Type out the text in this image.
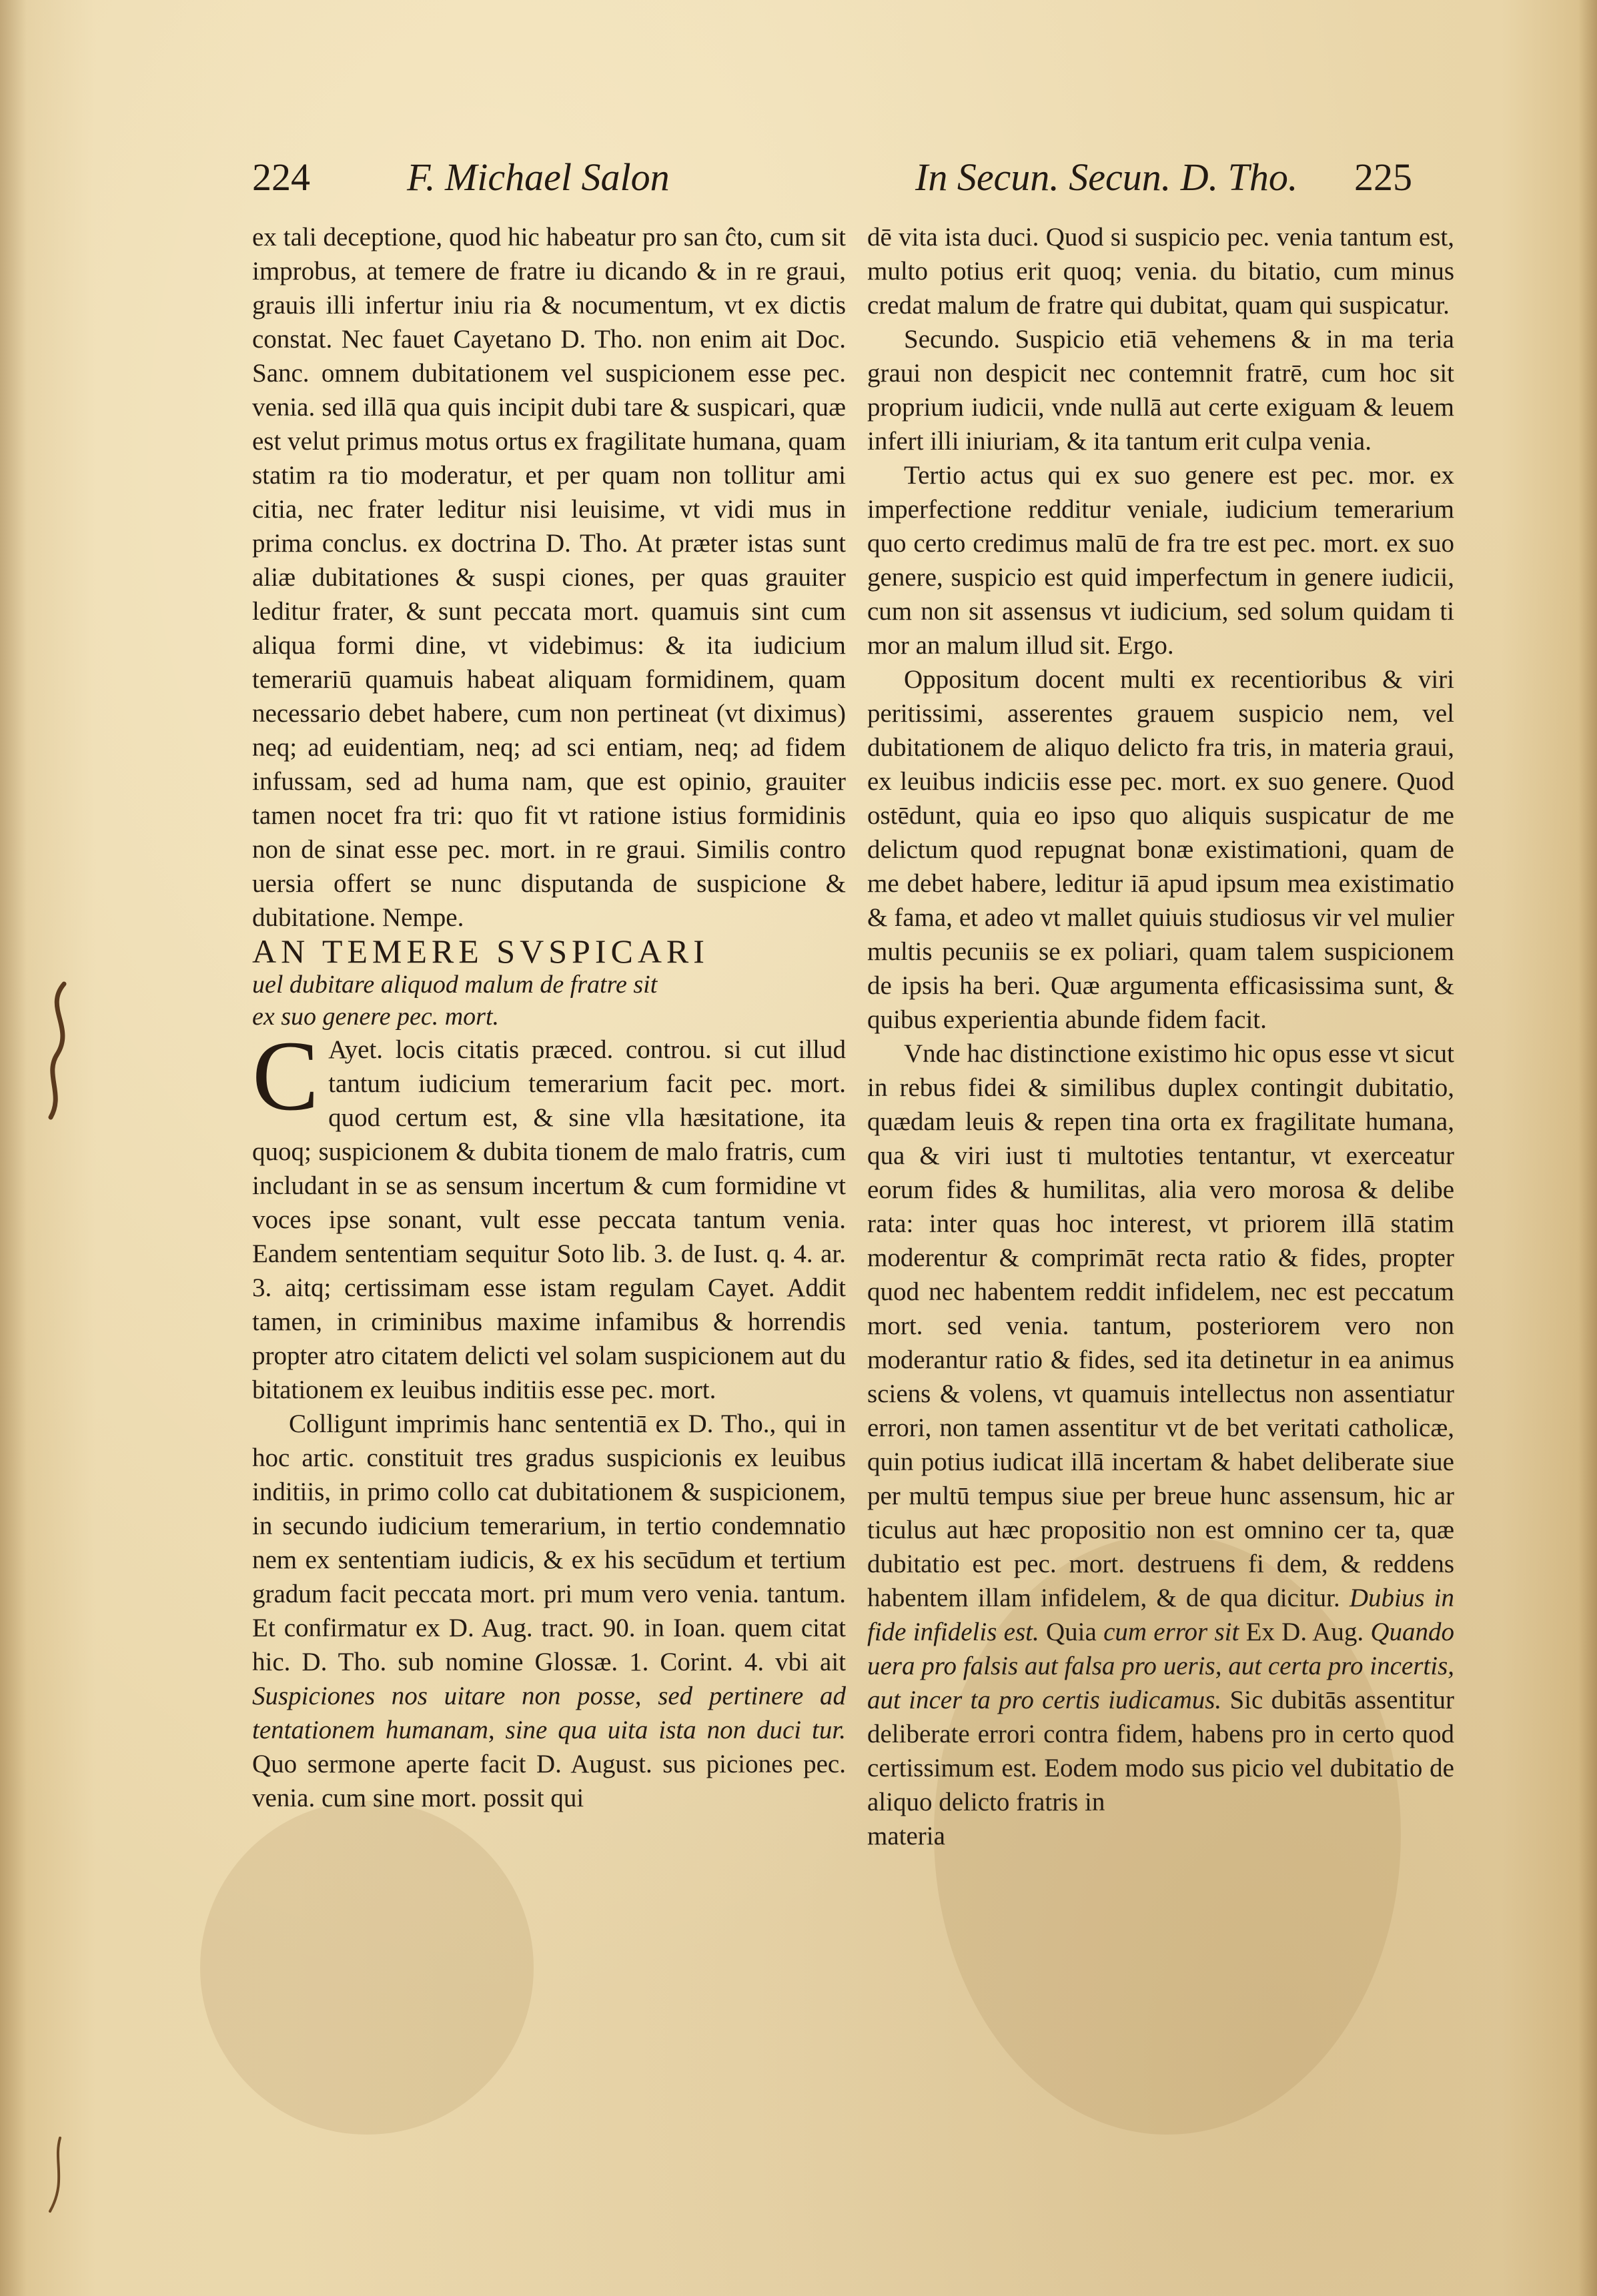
224	F. Michael Salon	In Secun. Secun. D. Tho. 225

ex tali deceptione, quod hic habeatur pro san ĉto, cum sit improbus, at temere de fratre iu dicando & in re graui, grauis illi infertur iniu ria & nocumentum, vt ex dictis constat. Nec fauet Cayetano D. Tho. non enim ait Doc. Sanc. omnem dubitationem vel suspicionem esse pec. venia. sed illā qua quis incipit dubi tare & suspicari, quæ est velut primus motus ortus ex fragilitate humana, quam statim ra tio moderatur, et per quam non tollitur ami citia, nec frater leditur nisi leuisime, vt vidi mus in prima conclus. ex doctrina D. Tho. At præter istas sunt aliæ dubitationes & suspi ciones, per quas grauiter leditur frater, & sunt peccata mort. quamuis sint cum aliqua formi dine, vt videbimus: & ita iudicium temerariū quamuis habeat aliquam formidinem, quam necessario debet habere, cum non pertineat (vt diximus) neq; ad euidentiam, neq; ad sci entiam, neq; ad fidem infussam, sed ad huma nam, que est opinio, grauiter tamen nocet fra tri: quo fit vt ratione istius formidinis non de sinat esse pec. mort. in re graui. Similis contro uersia offert se nunc disputanda de suspicione & dubitatione. Nempe.

AN TEMERE SVSPICARI

uel dubitare aliquod malum de fratre sit

ex suo genere pec. mort.

C Ayet. locis citatis præced. controu. si cut illud tantum iudicium temerarium facit pec. mort. quod certum est, & sine vlla hæsitatione, ita quoq; suspicionem & dubita tionem de malo fratris, cum includant in se as sensum incertum & cum formidine vt voces ipse sonant, vult esse peccata tantum venia. Eandem sententiam sequitur Soto lib. 3. de Iust. q. 4. ar. 3. aitq; certissimam esse istam regulam Cayet. Addit tamen, in criminibus maxime infamibus & horrendis propter atro citatem delicti vel solam suspicionem aut du bitationem ex leuibus inditiis esse pec. mort.

Colligunt imprimis hanc sententiā ex D. Tho., qui in hoc artic. constituit tres gradus suspicionis ex leuibus inditiis, in primo collo cat dubitationem & suspicionem, in secundo iudicium temerarium, in tertio condemnatio nem ex sententiam iudicis, & ex his secūdum et tertium gradum facit peccata mort. pri mum vero venia. tantum. Et confirmatur ex D. Aug. tract. 90. in Ioan. quem citat hic. D. Tho. sub nomine Glossæ. 1. Corint. 4. vbi ait Suspiciones nos uitare non posse, sed pertinere ad tentationem humanam, sine qua uita ista non duci tur. Quo sermone aperte facit D. August. sus piciones pec. venia. cum sine mort. possit qui

dē vita ista duci. Quod si suspicio pec. venia tantum est, multo potius erit quoq; venia. du bitatio, cum minus credat malum de fratre qui dubitat, quam qui suspicatur.

Secundo. Suspicio etiā vehemens & in ma teria graui non despicit nec contemnit fratrē, cum hoc sit proprium iudicii, vnde nullā aut certe exiguam & leuem infert illi iniuriam, & ita tantum erit culpa venia.

Tertio actus qui ex suo genere est pec. mor. ex imperfectione redditur veniale, iudicium temerarium quo certo credimus malū de fra tre est pec. mort. ex suo genere, suspicio est quid imperfectum in genere iudicii, cum non sit assensus vt iudicium, sed solum quidam ti mor an malum illud sit. Ergo.

Oppositum docent multi ex recentioribus & viri peritissimi, asserentes grauem suspicio nem, vel dubitationem de aliquo delicto fra tris, in materia graui, ex leuibus indiciis esse pec. mort. ex suo genere. Quod ostēdunt, quia eo ipso quo aliquis suspicatur de me delictum quod repugnat bonæ existimationi, quam de me debet habere, leditur iā apud ipsum mea existimatio & fama, et adeo vt mallet quiuis studiosus vir vel mulier multis pecuniis se ex poliari, quam talem suspicionem de ipsis ha beri. Quæ argumenta efficasissima sunt, & quibus experientia abunde fidem facit.

Vnde hac distinctione existimo hic opus esse vt sicut in rebus fidei & similibus duplex contingit dubitatio, quædam leuis & repen tina orta ex fragilitate humana, qua & viri iust ti multoties tentantur, vt exerceatur eorum fides & humilitas, alia vero morosa & delibe rata: inter quas hoc interest, vt priorem illā statim moderentur & comprimāt recta ratio & fides, propter quod nec habentem reddit infidelem, nec est peccatum mort. sed venia. tantum, posteriorem vero non moderantur ratio & fides, sed ita detinetur in ea animus sciens & volens, vt quamuis intellectus non assentiatur errori, non tamen assentitur vt de bet veritati catholicæ, quin potius iudicat illā incertam & habet deliberate siue per multū tempus siue per breue hunc assensum, hic ar ticulus aut hæc propositio non est omnino cer ta, quæ dubitatio est pec. mort. destruens fi dem, & reddens habentem illam infidelem, & de qua dicitur. Dubius in fide infidelis est. Quia cum error sit Ex D. Aug. Quando uera pro falsis aut falsa pro ueris, aut certa pro incertis, aut incer ta pro certis iudicamus. Sic dubitās assentitur deliberate errori contra fidem, habens pro in certo quod certissimum est. Eodem modo sus picio vel dubitatio de aliquo delicto fratris in

materia
